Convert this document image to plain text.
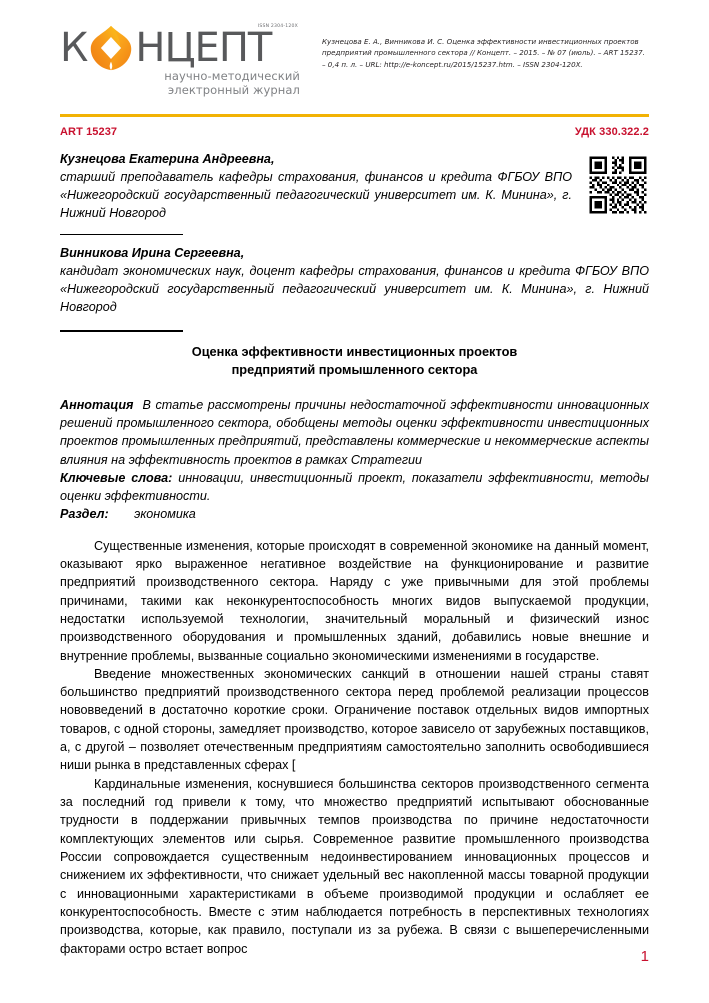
К НЦЕПТ
ISSN 2304-120X
научно-методический
электронный журнал
Кузнецова Е. А., Винникова И. С. Оценка эффективности инвестиционных проектов предприятий промышленного сектора // Концепт. – 2015. – № 07 (июль). – ART 15237. – 0,4 п. л. – URL: http://e-koncept.ru/2015/15237.htm. – ISSN 2304-120X.
ART 15237	УДК 330.322.2
Кузнецова Екатерина Андреевна,
старший преподаватель кафедры страхования, финансов и кредита ФГБОУ ВПО «Нижегородский государственный педагогический университет им. К. Минина», г. Нижний Новгород
Винникова Ирина Сергеевна,
кандидат экономических наук, доцент кафедры страхования, финансов и кредита ФГБОУ ВПО «Нижегородский государственный педагогический университет им. К. Минина», г. Нижний Новгород
Оценка эффективности инвестиционных проектов
предприятий промышленного сектора
Аннотация В статье рассмотрены причины недостаточной эффективности инновационных решений промышленного сектора, обобщены методы оценки эффективности инвестиционных проектов промышленных предприятий, представлены коммерческие и некоммерческие аспекты влияния на эффективность проектов в рамках Стратегии
Ключевые слова: инновации, инвестиционный проект, показатели эффективности, методы оценки эффективности.
Раздел: экономика

Существенные изменения, которые происходят в современной экономике на данный момент, оказывают ярко выраженное негативное воздействие на функционирование и развитие предприятий производственного сектора. Наряду с уже привычными для этой проблемы причинами, такими как неконкурентоспособность многих видов выпускаемой продукции, недостатки используемой технологии, значительный моральный и физический износ производственного оборудования и промышленных зданий, добавились новые внешние и внутренние проблемы, вызванные социально экономическими изменениями в государстве.

Введение множественных экономических санкций в отношении нашей страны ставят большинство предприятий производственного сектора перед проблемой реализации процессов нововведений в достаточно короткие сроки. Ограничение поставок отдельных видов импортных товаров, с одной стороны, замедляет производство, которое зависело от зарубежных поставщиков, а, с другой – позволяет отечественным предприятиям самостоятельно заполнить освободившиеся ниши рынка в представленных сферах [

Кардинальные изменения, коснувшиеся большинства секторов производственного сегмента за последний год привели к тому, что множество предприятий испытывают обоснованные трудности в поддержании привычных темпов производства по причине недостаточности комплектующих элементов или сырья. Современное развитие промышленного производства России сопровождается существенным недоинвестированием инновационных процессов и снижением их эффективности, что снижает удельный вес накопленной массы товарной продукции с инновационными характеристиками в объеме производимой продукции и ослабляет ее конкурентоспособность. Вместе с этим наблюдается потребность в перспективных технологиях производства, которые, как правило, поступали из за рубежа. В связи с вышеперечисленными факторами остро встает вопрос	1
